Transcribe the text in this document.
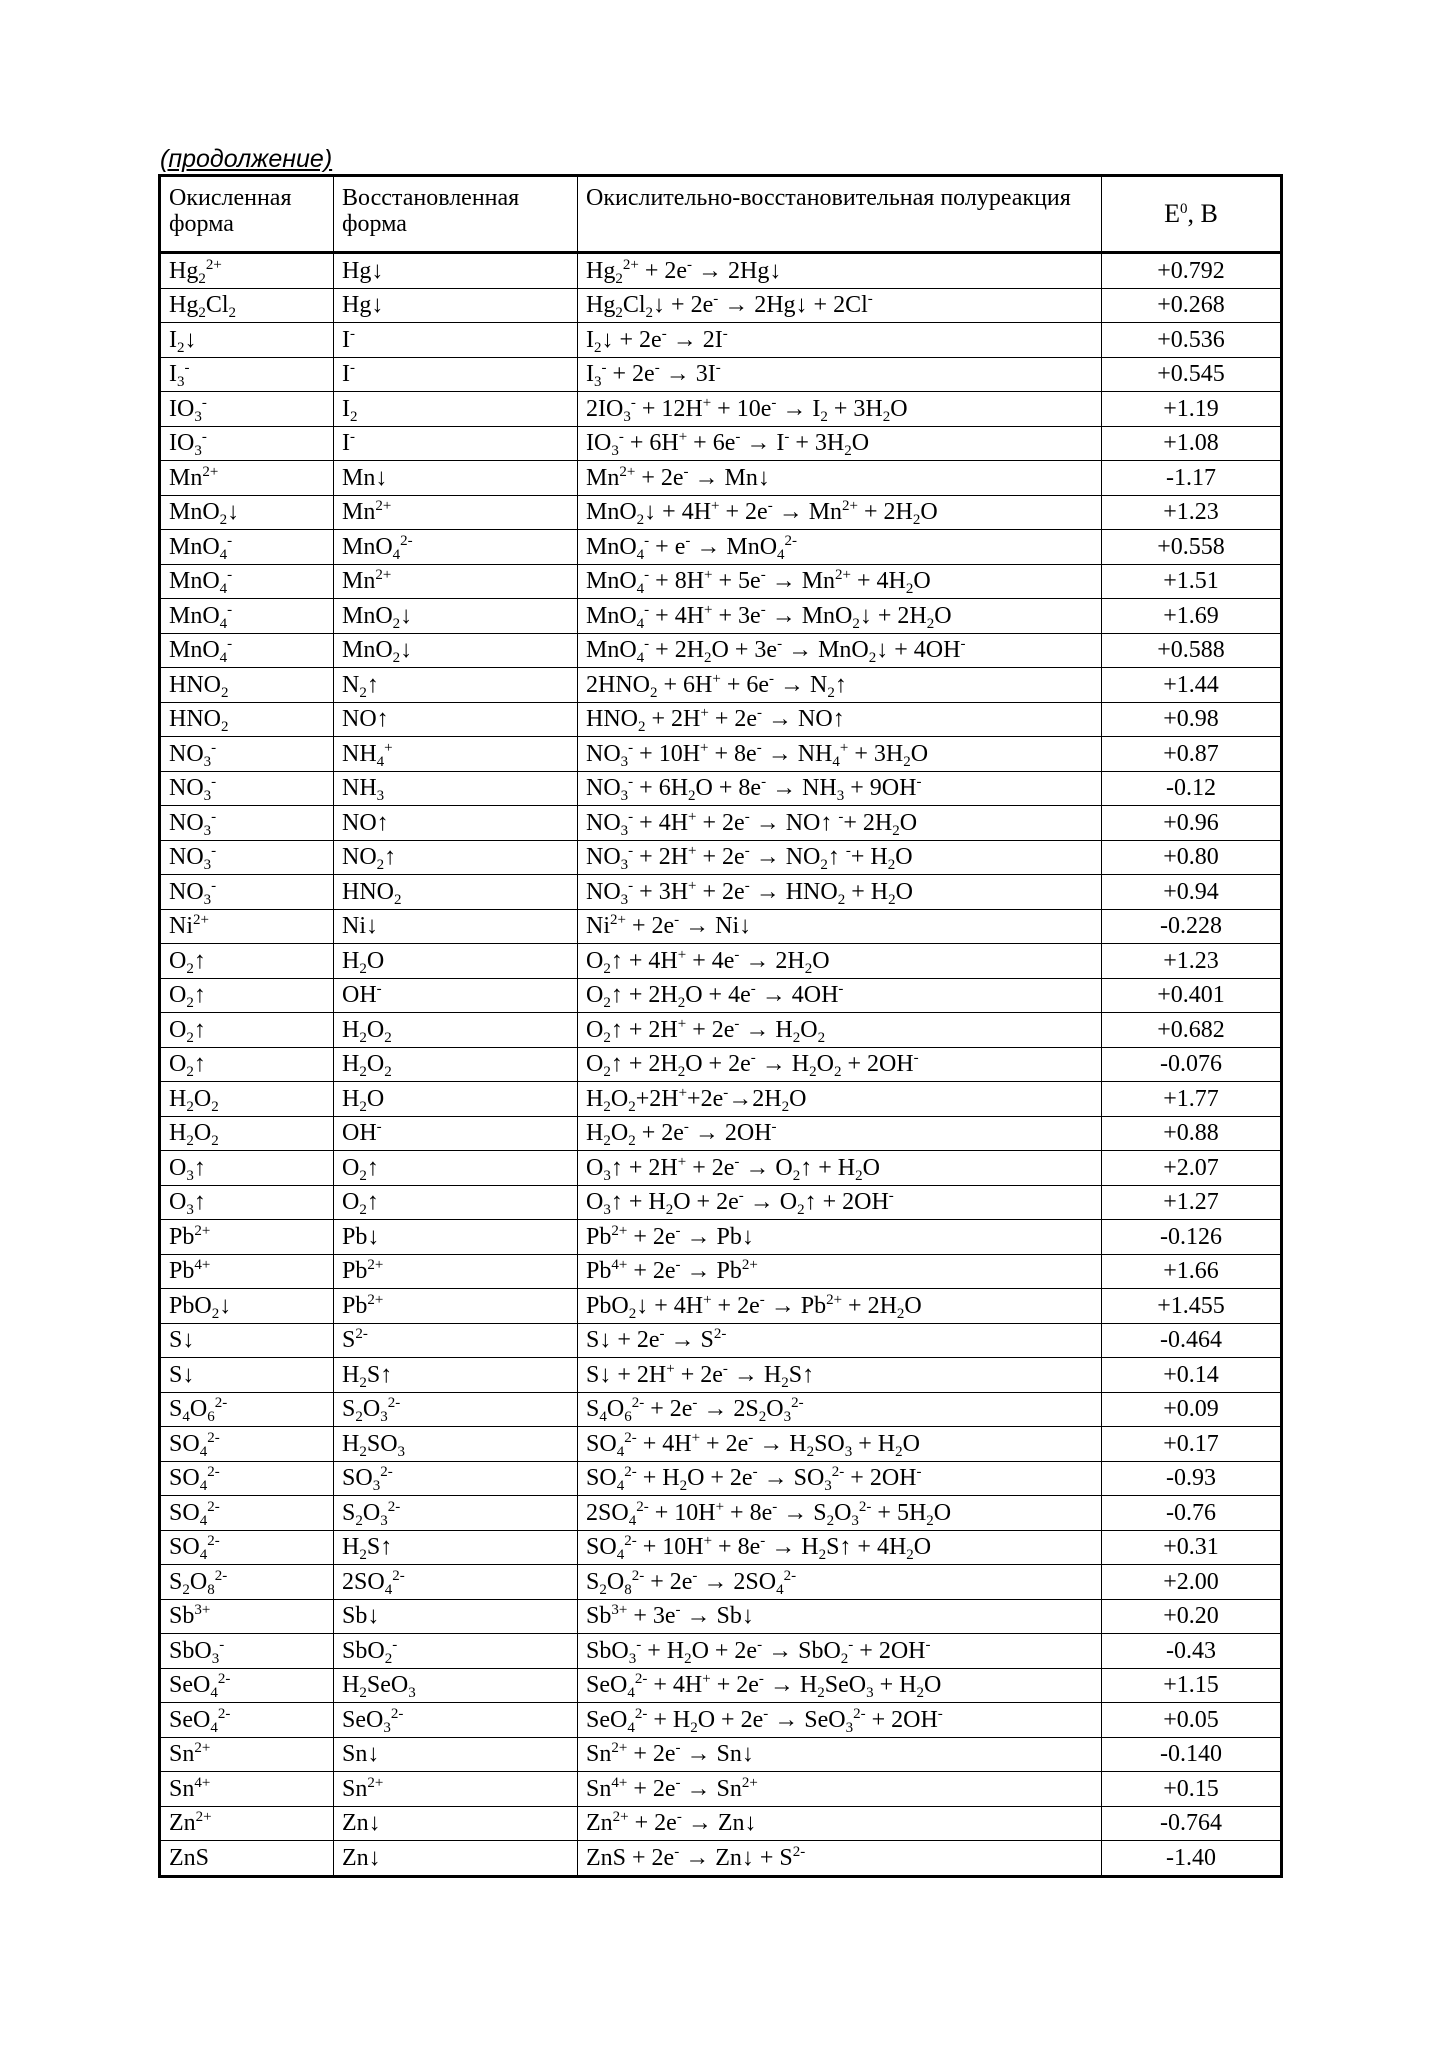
(продолжение)
Окисленная форма	Восстановленная форма	Окислительно-восстановительная полуреакция	$E^0$, В
$Hg_2^{2+}$	Hg↓	$Hg_2^{2+} + 2e^-$ → 2Hg↓	+0.792
$Hg_2Cl_2$	Hg↓	$Hg_2Cl_2↓ + 2e^-$ → 2Hg↓ + 2Cl-	+0.268
$I_2↓$	I-	$I_2↓ + 2e^- \to 2I^-$	+0.536
$I_3^-$	I-	$I_3^- + 2e^- \to 3I^-$	+0.545
$IO_3^-$	$I_2$	$2IO_3^- + 12H^+ + 10e^- \to I_2 + 3H_2O$	+1.19
$IO_3^-$	I-	$IO_3^- + 6H^+ + 6e^- \to I^- + 3H_2O$	+1.08
$Mn^{2+}$	Mn↓	$Mn^{2+} + 2e^-$ → Mn↓	-1.17
MnO$_2$↓	$Mn^{2+}$	MnO$_2$↓ + $4H^+ + 2e^- \to Mn^{2+} + 2H_2O$	+1.23
MnO$_4$-	MnO$_4^{2-}$	MnO$_4$- + e- → MnO$_4^{2-}$	+0.558
MnO$_4$-	$Mn^{2+}$	$MnO_4^- + 8H^+ + 5e^- \to Mn^{2+} + 4H_2O$	+1.51
MnO$_4$-	MnO$_2$↓	MnO$_4$- + 4H+ + 3e- → MnO$_2$↓ + $2H_2O$	+1.69
MnO$_4$-	MnO$_2$↓	$MnO_4^- + 2H_2O + 3e^-$ → MnO$_2$↓ + 4OH-	+0.588
$HNO_2$	$N_2↑$	$2HNO_2 + 6H^+ + 6e^-$ → $N_2↑$	+1.44
$HNO_2$	NO↑	$HNO_2 + 2H^+ + 2e^-$ → NO↑	+0.98
$NO_3^-$	$NH_4^+$	$NO_3^- + 10H^+ + 8e^- \to NH_4^+ + 3H_2O$	+0.87
$NO_3^-$	$NH_3$	$NO_3^- + 6H_2O + 8e^- \to NH_3 + 9OH^-$	-0.12
$NO_3^-$	NO↑	$NO_3^- + 4H^+ + 2e^-$ → NO↑ $^-+ 2H_2O$	+0.96
$NO_3^-$	$NO_2↑$	$NO_3^- + 2H^+ + 2e^-$ → $NO_2↑$ $^-+ H_2O$	+0.80
$NO_3^-$	$HNO_2$	$NO_3^- + 3H^+ + 2e^- \to HNO_2 + H_2O$	+0.94
$Ni^{2+}$	Ni↓	$Ni^{2+} + 2e^-$ → Ni↓	-0.228
$O_2↑$	$H_2O$	$O_2↑ + 4H^+ + 4e^- \to 2H_2O$	+1.23
$O_2↑$	OH-	$O_2↑ + 2H_2O + 4e^- \to 4OH^-$	+0.401
$O_2↑$	$H_2O_2$	$O_2↑ + 2H^+ + 2e^- \to H_2O_2$	+0.682
$O_2↑$	$H_2O_2$	$O_2↑ + 2H_2O + 2e^- \to H_2O_2 + 2OH^-$	-0.076
$H_2O_2$	$H_2O$	$H_2O_2+2H^++2e^-\to 2H_2O$	+1.77
$H_2O_2$	OH-	$H_2O_2 + 2e^- \to 2OH^-$	+0.88
$O_3↑$	$O_2↑$	$O_3↑ + 2H^+ + 2e^-$ → $O_2↑ + H_2O$	+2.07
$O_3↑$	$O_2↑$	$O_3↑ + H_2O + 2e^-$ → $O_2↑ + 2OH^-$	+1.27
$Pb^{2+}$	Pb↓	$Pb^{2+} + 2e^-$ → Pb↓	-0.126
$Pb^{4+}$	$Pb^{2+}$	$Pb^{4+} + 2e^- \to Pb^{2+}$	+1.66
PbO$_2$↓	$Pb^{2+}$	PbO$_2$↓ + $4H^+ + 2e^- \to Pb^{2+} + 2H_2O$	+1.455
S↓	$S^{2-}$	S↓ + $2e^- \to S^{2-}$	-0.464
S↓	$H_2S↑$	S↓ + $2H^+ + 2e^- \to H_2S↑$	+0.14
$S_4O_6^{2-}$	$S_2O_3^{2-}$	$S_4O_6^{2-} + 2e^- \to 2S_2O_3^{2-}$	+0.09
$SO_4^{2-}$	$H_2SO_3$	$SO_4^{2-} + 4H^+ + 2e^- \to H_2SO_3 + H_2O$	+0.17
$SO_4^{2-}$	$SO_3^{2-}$	$SO_4^{2-} + H_2O + 2e^- \to SO_3^{2-} + 2OH^-$	-0.93
$SO_4^{2-}$	$S_2O_3^{2-}$	$2SO_4^{2-} + 10H^+ + 8e^- \to S_2O_3^{2-} + 5H_2O$	-0.76
$SO_4^{2-}$	$H_2S↑$	$SO_4^{2-} + 10H^+ + 8e^-$ → $H_2S↑ + 4H_2O$	+0.31
$S_2O_8^{2-}$	$2SO_4^{2-}$	$S_2O_8^{2-} + 2e^- \to 2SO_4^{2-}$	+2.00
$Sb^{3+}$	Sb↓	$Sb^{3+} + 3e^-$ → Sb↓	+0.20
SbO$_3$-	SbO$_2$-	$SbO_3^- + H_2O + 2e^- \to SbO_2^- + 2OH^-$	-0.43
SeO$_4^{2-}$	$H_2SeO_3$	$SeO_4^{2-} + 4H^+ + 2e^- \to H_2SeO_3 + H_2O$	+1.15
SeO$_4^{2-}$	SeO$_3^{2-}$	$SeO_4^{2-} + H_2O + 2e^- \to SeO_3^{2-} + 2OH^-$	+0.05
$Sn^{2+}$	Sn↓	$Sn^{2+} + 2e^-$ → Sn↓	-0.140
$Sn^{4+}$	$Sn^{2+}$	$Sn^{4+} + 2e^- \to Sn^{2+}$	+0.15
$Zn^{2+}$	Zn↓	$Zn^{2+} + 2e^-$ → Zn↓	-0.764
ZnS	Zn↓	ZnS + 2e- → Zn↓ + $S^{2-}$	-1.40
